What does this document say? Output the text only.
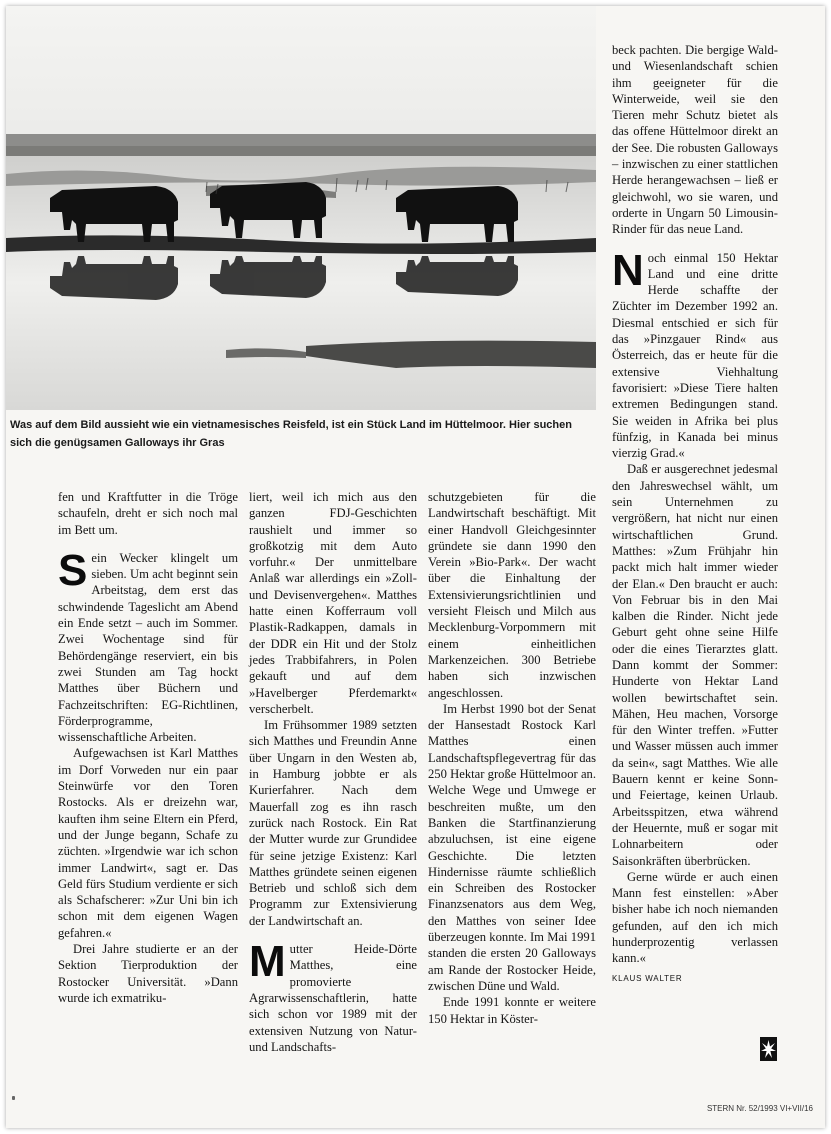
Was auf dem Bild aussieht wie ein vietnamesisches Reisfeld, ist ein Stück Land im Hüttelmoor. Hier suchen sich die genügsamen Galloways ihr Gras

fen und Kraftfutter in die Tröge schaufeln, dreht er sich noch mal im Bett um.

Sein Wecker klingelt um sieben. Um acht beginnt sein Arbeitstag, dem erst das schwindende Tageslicht am Abend ein Ende setzt – auch im Sommer. Zwei Wochentage sind für Behördengänge reserviert, ein bis zwei Stunden am Tag hockt Matthes über Büchern und Fachzeitschriften: EG-Richtlinen, Förderprogramme, wissenschaftliche Arbeiten.

Aufgewachsen ist Karl Matthes im Dorf Vorweden nur ein paar Steinwürfe vor den Toren Rostocks. Als er dreizehn war, kauften ihm seine Eltern ein Pferd, und der Junge begann, Schafe zu züchten. »Irgendwie war ich schon immer Landwirt«, sagt er. Das Geld fürs Studium verdiente er sich als Schafscherer: »Zur Uni bin ich schon mit dem eigenen Wagen gefahren.«

Drei Jahre studierte er an der Sektion Tierproduktion der Rostocker Universität. »Dann wurde ich exmatriku-

liert, weil ich mich aus den ganzen FDJ-Geschichten raushielt und immer so großkotzig mit dem Auto vorfuhr.« Der unmittelbare Anlaß war allerdings ein »Zoll- und Devisenvergehen«. Matthes hatte einen Kofferraum voll Plastik-Radkappen, damals in der DDR ein Hit und der Stolz jedes Trabbifahrers, in Polen gekauft und auf dem »Havelberger Pferdemarkt« verscherbelt.

Im Frühsommer 1989 setzten sich Matthes und Freundin Anne über Ungarn in den Westen ab, in Hamburg jobbte er als Kurierfahrer. Nach dem Mauerfall zog es ihn rasch zurück nach Rostock. Ein Rat der Mutter wurde zur Grundidee für seine jetzige Existenz: Karl Matthes gründete seinen eigenen Betrieb und schloß sich dem Programm zur Extensivierung der Landwirtschaft an.

Mutter Heide-Dörte Matthes, eine promovierte Agrarwissenschaftlerin, hatte sich schon vor 1989 mit der extensiven Nutzung von Natur- und Landschafts-

schutzgebieten für die Landwirtschaft beschäftigt. Mit einer Handvoll Gleichgesinnter gründete sie dann 1990 den Verein »Bio-Park«. Der wacht über die Einhaltung der Extensivierungsrichtlinien und versieht Fleisch und Milch aus Mecklenburg-Vorpommern mit einem einheitlichen Markenzeichen. 300 Betriebe haben sich inzwischen angeschlossen.

Im Herbst 1990 bot der Senat der Hansestadt Rostock Karl Matthes einen Landschaftspflegevertrag für das 250 Hektar große Hüttelmoor an. Welche Wege und Umwege er beschreiten mußte, um den Banken die Startfinanzierung abzuluchsen, ist eine eigene Geschichte. Die letzten Hindernisse räumte schließlich ein Schreiben des Rostocker Finanzsenators aus dem Weg, den Matthes von seiner Idee überzeugen konnte. Im Mai 1991 standen die ersten 20 Galloways am Rande der Rostocker Heide, zwischen Düne und Wald.

Ende 1991 konnte er weitere 150 Hektar in Köster-

beck pachten. Die bergige Wald- und Wiesenlandschaft schien ihm geeigneter für die Winterweide, weil sie den Tieren mehr Schutz bietet als das offene Hüttelmoor direkt an der See. Die robusten Galloways – inzwischen zu einer stattlichen Herde herangewachsen – ließ er gleichwohl, wo sie waren, und orderte in Ungarn 50 Limousin-Rinder für das neue Land.

Noch einmal 150 Hektar Land und eine dritte Herde schaffte der Züchter im Dezember 1992 an. Diesmal entschied er sich für das »Pinzgauer Rind« aus Österreich, das er heute für die extensive Viehhaltung favorisiert: »Diese Tiere halten extremen Bedingungen stand. Sie weiden in Afrika bei plus fünfzig, in Kanada bei minus vierzig Grad.«

Daß er ausgerechnet jedesmal den Jahreswechsel wählt, um sein Unternehmen zu vergrößern, hat nicht nur einen wirtschaftlichen Grund. Matthes: »Zum Frühjahr hin packt mich halt immer wieder der Elan.« Den braucht er auch: Von Februar bis in den Mai kalben die Rinder. Nicht jede Geburt geht ohne seine Hilfe oder die eines Tierarztes glatt. Dann kommt der Sommer: Hunderte von Hektar Land wollen bewirtschaftet sein. Mähen, Heu machen, Vorsorge für den Winter treffen. »Futter und Wasser müssen auch immer da sein«, sagt Matthes. Wie alle Bauern kennt er keine Sonn- und Feiertage, keinen Urlaub. Arbeitsspitzen, etwa während der Heuernte, muß er sogar mit Lohnarbeitern oder Saisonkräften überbrücken.

Gerne würde er auch einen Mann fest einstellen: »Aber bisher habe ich noch niemanden gefunden, auf den ich mich hunderprozentig verlassen kann.«

KLAUS WALTER
STERN Nr. 52/1993 VI+VII/16
